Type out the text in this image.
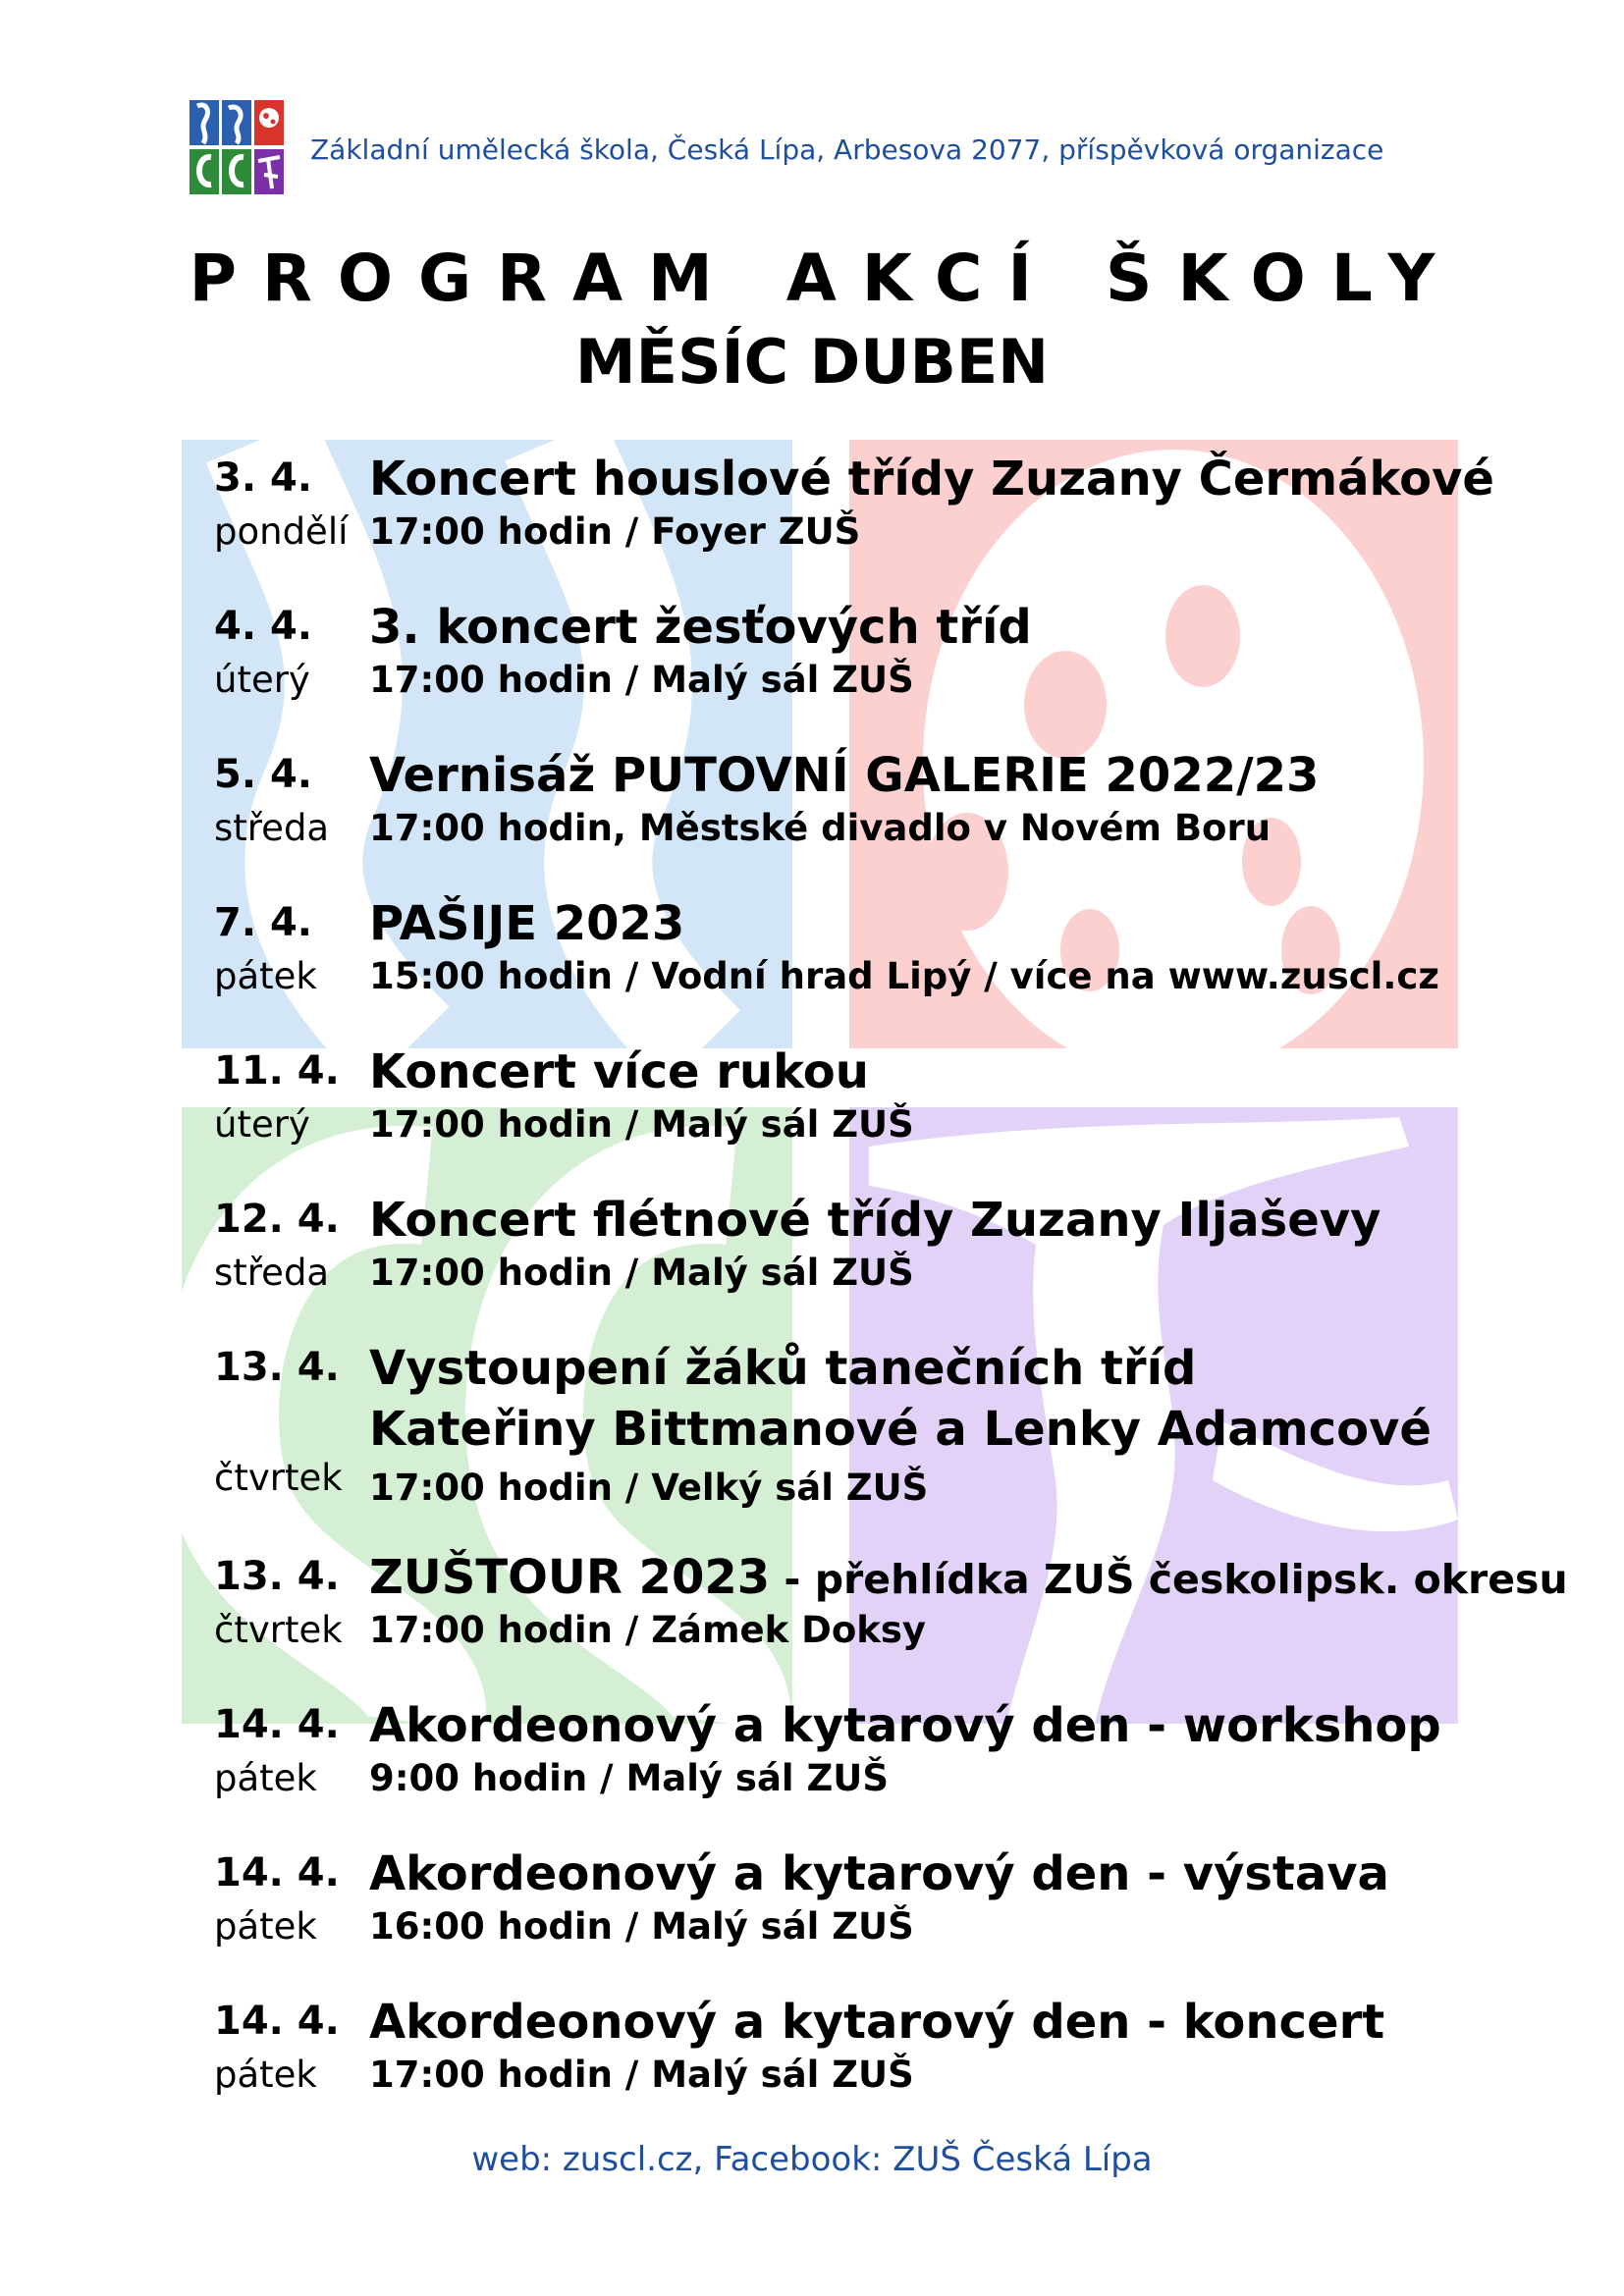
Základní umělecká škola, Česká Lípa, Arbesova 2077, příspěvková organizace
PROGRAM AKCÍ ŠKOLY
MĚSÍC DUBEN
3. 4.
pondělí
Koncert houslové třídy Zuzany Čermákové
17:00 hodin / Foyer ZUŠ
4. 4.
úterý
3. koncert žesťových tříd
17:00 hodin / Malý sál ZUŠ
5. 4.
středa
Vernisáž PUTOVNÍ GALERIE 2022/23
17:00 hodin, Městské divadlo v Novém Boru
7. 4.
pátek
PAŠIJE 2023
15:00 hodin / Vodní hrad Lipý / více na www.zuscl.cz
11. 4.
úterý
Koncert více rukou
17:00 hodin / Malý sál ZUŠ
12. 4.
středa
Koncert flétnové třídy Zuzany Iljaševy
17:00 hodin / Malý sál ZUŠ
13. 4.
čtvrtek
Vystoupení žáků tanečních tříd
Kateřiny Bittmanové a Lenky Adamcové
17:00 hodin / Velký sál ZUŠ
13. 4.
čtvrtek
ZUŠTOUR 2023 - přehlídka ZUŠ českolipsk. okresu
17:00 hodin / Zámek Doksy
14. 4.
pátek
Akordeonový a kytarový den - workshop
9:00 hodin / Malý sál ZUŠ
14. 4.
pátek
Akordeonový a kytarový den - výstava
16:00 hodin / Malý sál ZUŠ
14. 4.
pátek
Akordeonový a kytarový den - koncert
17:00 hodin / Malý sál ZUŠ
web: zuscl.cz, Facebook: ZUŠ Česká Lípa
